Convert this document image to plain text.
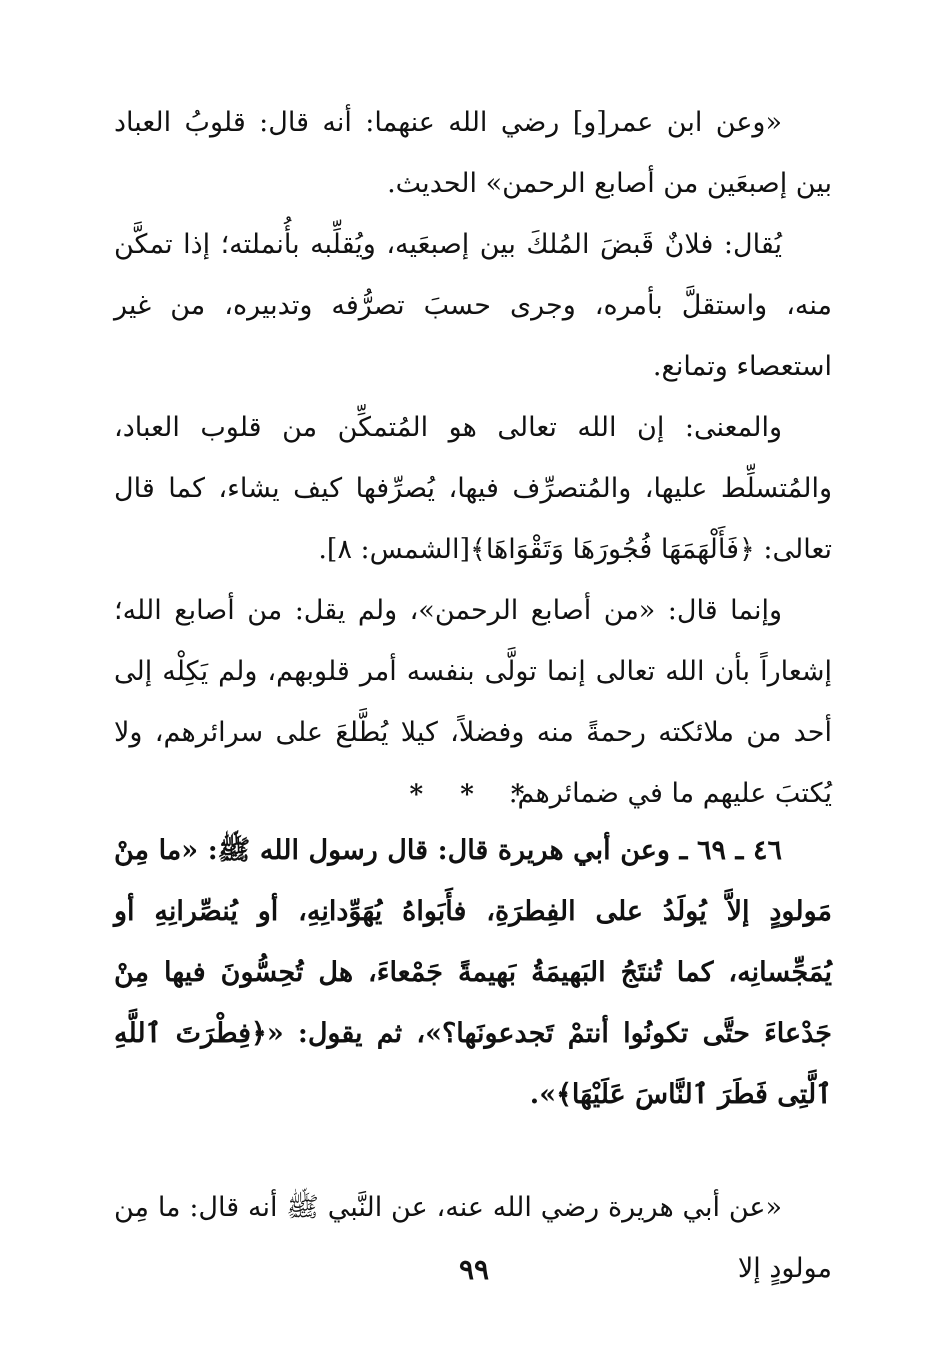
«وعن ابن عمر[و] رضي الله عنهما: أنه قال: قلوبُ العباد بين إصبعَين من أصابع الرحمن» الحديث.

يُقال: فلانٌ قَبضَ المُلكَ بين إصبعَيه، ويُقلِّبه بأُنملته؛ إذا تمكَّن منه، واستقلَّ بأمره، وجرى حسبَ تصرُّفه وتدبيره، من غير استعصاء وتمانع.

والمعنى: إن الله تعالى هو المُتمكِّن من قلوب العباد، والمُتسلِّط عليها، والمُتصرِّف فيها، يُصرِّفها كيف يشاء، كما قال تعالى: ﴿فَأَلْهَمَهَا فُجُورَهَا وَتَقْوَاهَا﴾[الشمس: ٨].

وإنما قال: «من أصابع الرحمن»، ولم يقل: من أصابع الله؛ إشعاراً بأن الله تعالى إنما تولَّى بنفسه أمر قلوبهم، ولم يَكِلْه إلى أحد من ملائكته رحمةً منه وفضلاً، كيلا يُطَّلعَ على سرائرهم، ولا يُكتبَ عليهم ما في ضمائرهم.

* * *

٤٦ ـ ٦٩ ـ وعن أبي هريرة قال: قال رسول الله ﷺ: «ما مِنْ مَولودٍ إلاَّ يُولَدُ على الفِطرَةِ، فأَبَواهُ يُهَوِّدانِهِ، أو يُنصِّرانِهِ أو يُمَجِّسانِه، كما تُنتَجُ البَهيمَةُ بَهيمةً جَمْعاءَ، هل تُحِسُّونَ فيها مِنْ جَدْعاءَ حتَّى تكونُوا أنتمْ تَجدعونَها؟»، ثم يقول: «﴿فِطْرَتَ ٱللَّهِ ٱلَّتِى فَطَرَ ٱلنَّاسَ عَلَيْهَا﴾».

«عن أبي هريرة رضي الله عنه، عن النَّبي ﷺ أنه قال: ما مِن مولودٍ إلا

٩٩
